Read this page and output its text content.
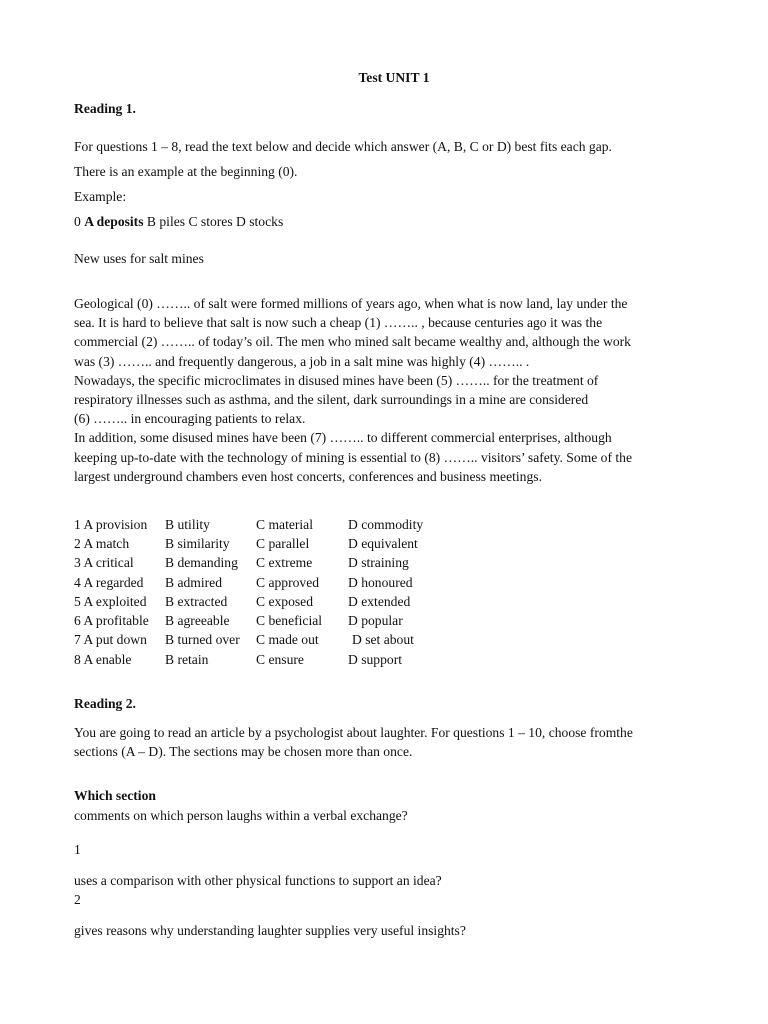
Test UNIT 1
Reading 1.
For questions 1 – 8, read the text below and decide which answer (A, B, C or D) best fits each gap.
There is an example at the beginning (0).
Example:
0 A deposits B piles C stores D stocks
New uses for salt mines
Geological (0) …….. of salt were formed millions of years ago, when what is now land, lay under the
sea. It is hard to believe that salt is now such a cheap (1) …….. , because centuries ago it was the
commercial (2) …….. of today’s oil. The men who mined salt became wealthy and, although the work
was (3) …….. and frequently dangerous, a job in a salt mine was highly (4) …….. .
Nowadays, the specific microclimates in disused mines have been (5) …….. for the treatment of
respiratory illnesses such as asthma, and the silent, dark surroundings in a mine are considered
(6) …….. in encouraging patients to relax.
In addition, some disused mines have been (7) …….. to different commercial enterprises, although
keeping up-to-date with the technology of mining is essential to (8) …….. visitors’ safety. Some of the
largest underground chambers even host concerts, conferences and business meetings.
1 A provision B utility	C material	D commodity
2 A match	B similarity C parallel	D equivalent
3 A critical B demanding C extreme	D straining
4 A regarded B admired C approved D honoured
5 A exploited B extracted C exposed	D extended
6 A profitable B agreeable C beneficial D popular
7 A put down B turned over C made out D set about
8 A enable B retain	C ensure	D support
Reading 2.
You are going to read an article by a psychologist about laughter. For questions 1 – 10, choose fromthe
sections (A – D). The sections may be chosen more than once.
Which section
comments on which person laughs within a verbal exchange?
1
uses a comparison with other physical functions to support an idea?
2
gives reasons why understanding laughter supplies very useful insights?
